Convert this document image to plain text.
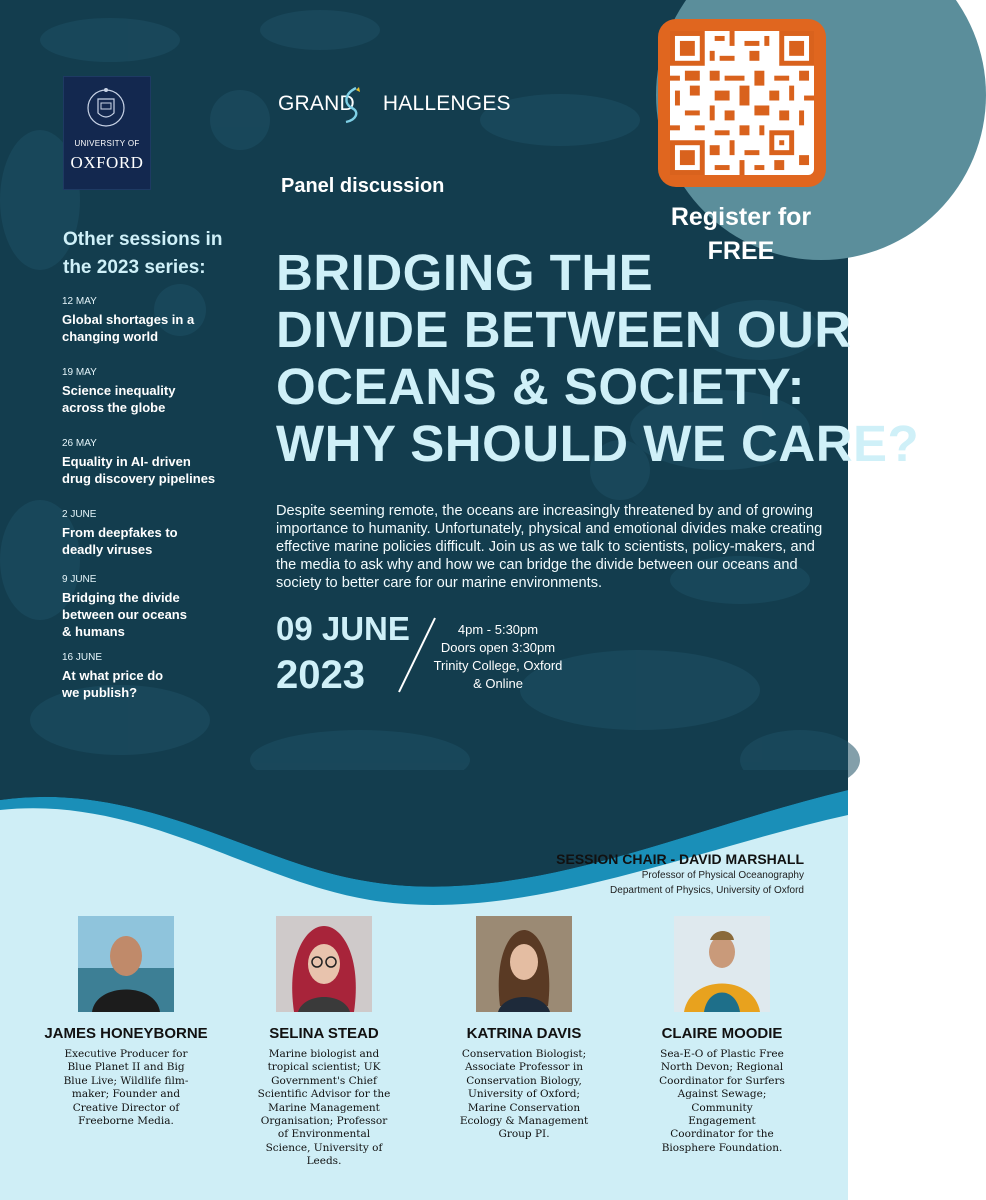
UNIVERSITY OF
OXFORD
GRAND HALLENGES
Panel discussion
BRIDGING THE
DIVIDE BETWEEN OUR
OCEANS & SOCIETY:
WHY SHOULD WE CARE?
Despite seeming remote, the oceans are increasingly threatened by and of growing importance to humanity. Unfortunately, physical and emotional divides make creating effective marine policies difficult. Join us as we talk to scientists, policy-makers, and the media to ask why and how we can bridge the divide between our oceans and society to better care for our marine environments.
09 JUNE
2023
4pm - 5:30pm
Doors open 3:30pm
Trinity College, Oxford
& Online
Register for
FREE
Other sessions in
the 2023 series:
12 MAY
Global shortages in a
changing world
19 MAY
Science inequality
across the globe
26 MAY
Equality in AI- driven
drug discovery pipelines
2 JUNE
From deepfakes to
deadly viruses
9 JUNE
Bridging the divide
between our oceans
& humans
16 JUNE
At what price do
we publish?
SESSION CHAIR - DAVID MARSHALL
Professor of Physical Oceanography
Department of Physics, University of Oxford
JAMES HONEYBORNE	SELINA STEAD	KATRINA DAVIS	CLAIRE MOODIE
Executive Producer for
Blue Planet II and Big
Blue Live; Wildlife film-
maker; Founder and
Creative Director of
Freeborne Media.
Marine biologist and
tropical scientist; UK
Government's Chief
Scientific Advisor for the
Marine Management
Organisation; Professor
of Environmental
Science, University of
Leeds.
Conservation Biologist;
Associate Professor in
Conservation Biology,
University of Oxford;
Marine Conservation
Ecology & Management
Group PI.
Sea-E-O of Plastic Free
North Devon; Regional
Coordinator for Surfers
Against Sewage;
Community
Engagement
Coordinator for the
Biosphere Foundation.
